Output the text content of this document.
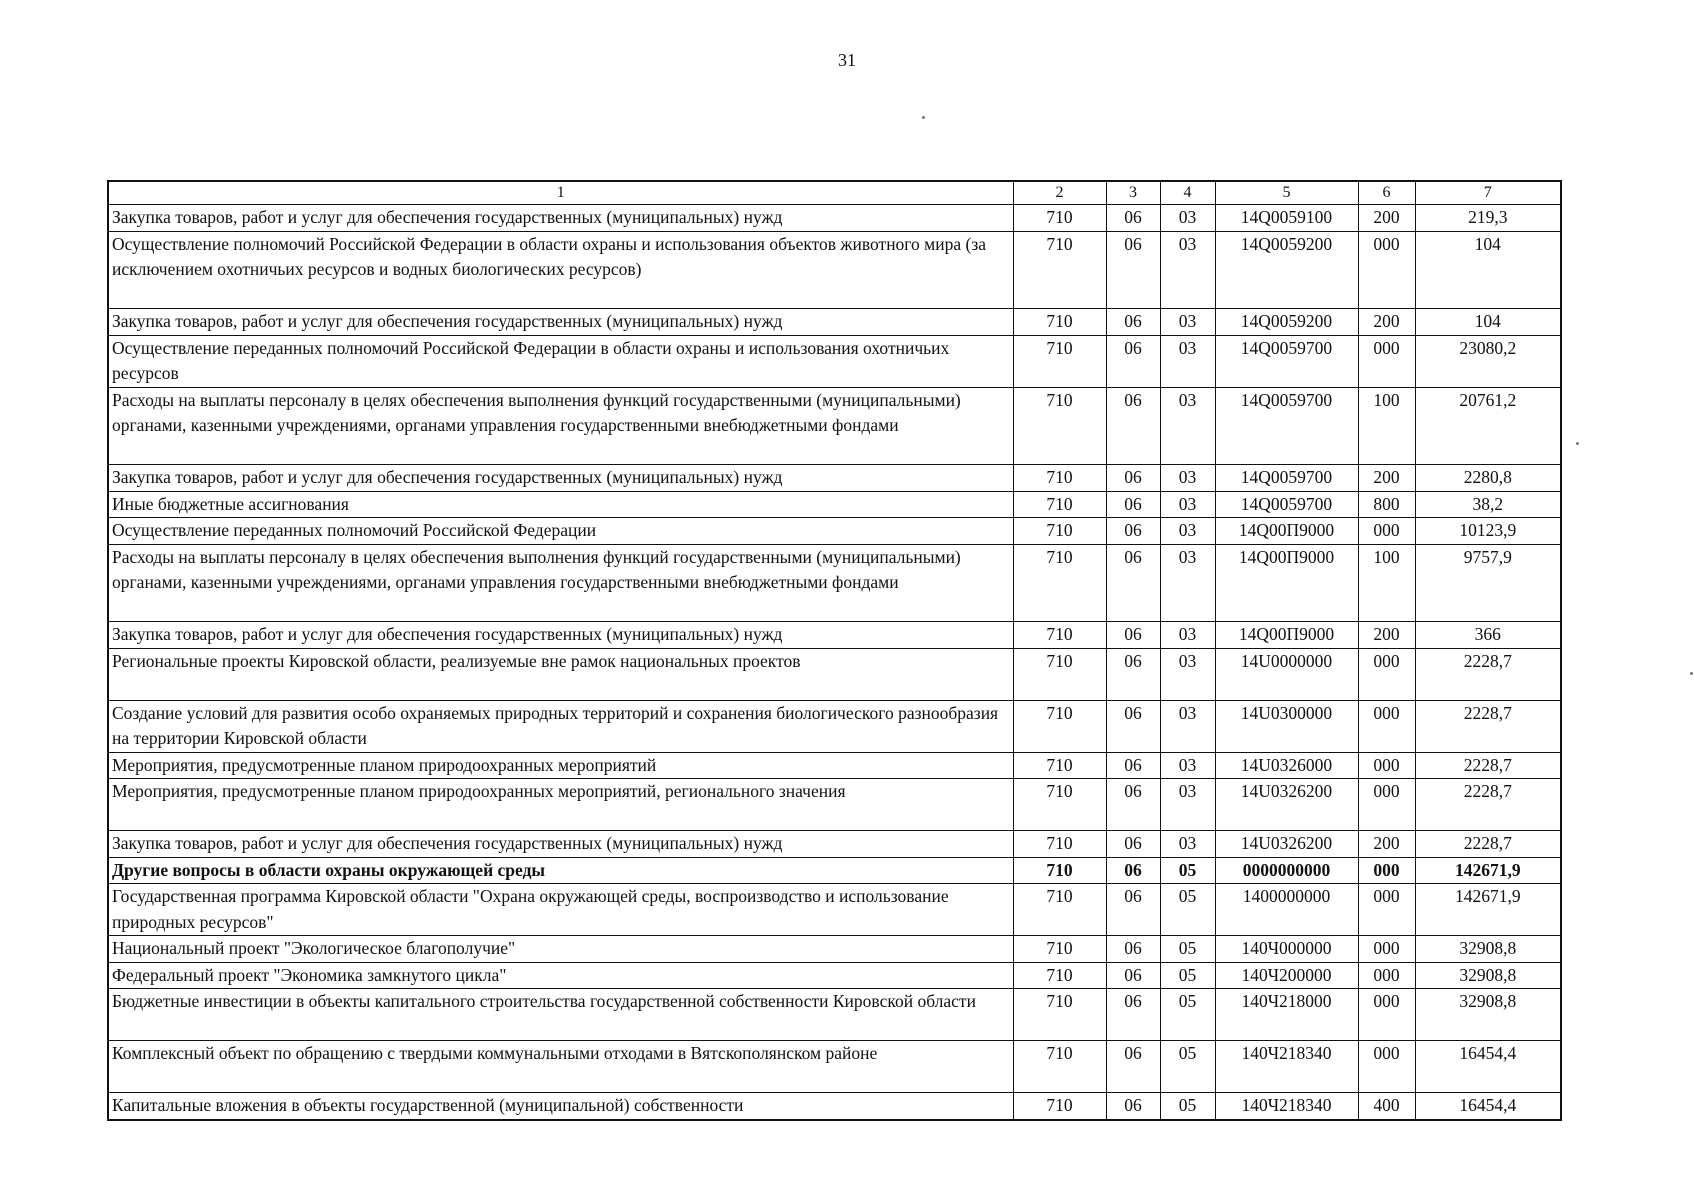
31
1	2	3	4	5	6	7
Закупка товаров, работ и услуг для обеспечения государственных (муниципальных) нужд	710	06	03	14Q0059100	200	219,3
Осуществление полномочий Российской Федерации в области охраны и использования объектов животного мира (за исключением охотничьих ресурсов и водных биологических ресурсов)	710	06	03	14Q0059200	000	104
Закупка товаров, работ и услуг для обеспечения государственных (муниципальных) нужд	710	06	03	14Q0059200	200	104
Осуществление переданных полномочий Российской Федерации в области охраны и использования охотничьих ресурсов	710	06	03	14Q0059700	000	23080,2
Расходы на выплаты персоналу в целях обеспечения выполнения функций государственными (муниципальными) органами, казенными учреждениями, органами управления государственными внебюджетными фондами	710	06	03	14Q0059700	100	20761,2
Закупка товаров, работ и услуг для обеспечения государственных (муниципальных) нужд	710	06	03	14Q0059700	200	2280,8
Иные бюджетные ассигнования	710	06	03	14Q0059700	800	38,2
Осуществление переданных полномочий Российской Федерации	710	06	03	14Q00П9000	000	10123,9
Расходы на выплаты персоналу в целях обеспечения выполнения функций государственными (муниципальными) органами, казенными учреждениями, органами управления государственными внебюджетными фондами	710	06	03	14Q00П9000	100	9757,9
Закупка товаров, работ и услуг для обеспечения государственных (муниципальных) нужд	710	06	03	14Q00П9000	200	366
Региональные проекты Кировской области, реализуемые вне рамок национальных проектов	710	06	03	14U0000000	000	2228,7
Создание условий для развития особо охраняемых природных территорий и сохранения биологического разнообразия на территории Кировской области	710	06	03	14U0300000	000	2228,7
Мероприятия, предусмотренные планом природоохранных мероприятий	710	06	03	14U0326000	000	2228,7
Мероприятия, предусмотренные планом природоохранных мероприятий, регионального значения	710	06	03	14U0326200	000	2228,7
Закупка товаров, работ и услуг для обеспечения государственных (муниципальных) нужд	710	06	03	14U0326200	200	2228,7
Другие вопросы в области охраны окружающей среды	710	06	05	0000000000	000	142671,9
Государственная программа Кировской области "Охрана окружающей среды, воспроизводство и использование природных ресурсов"	710	06	05	1400000000	000	142671,9
Национальный проект "Экологическое благополучие"	710	06	05	140Ч000000	000	32908,8
Федеральный проект "Экономика замкнутого цикла"	710	06	05	140Ч200000	000	32908,8
Бюджетные инвестиции в объекты капитального строительства государственной собственности Кировской области	710	06	05	140Ч218000	000	32908,8
Комплексный объект по обращению с твердыми коммунальными отходами в Вятскополянском районе	710	06	05	140Ч218340	000	16454,4
Капитальные вложения в объекты государственной (муниципальной) собственности	710	06	05	140Ч218340	400	16454,4
